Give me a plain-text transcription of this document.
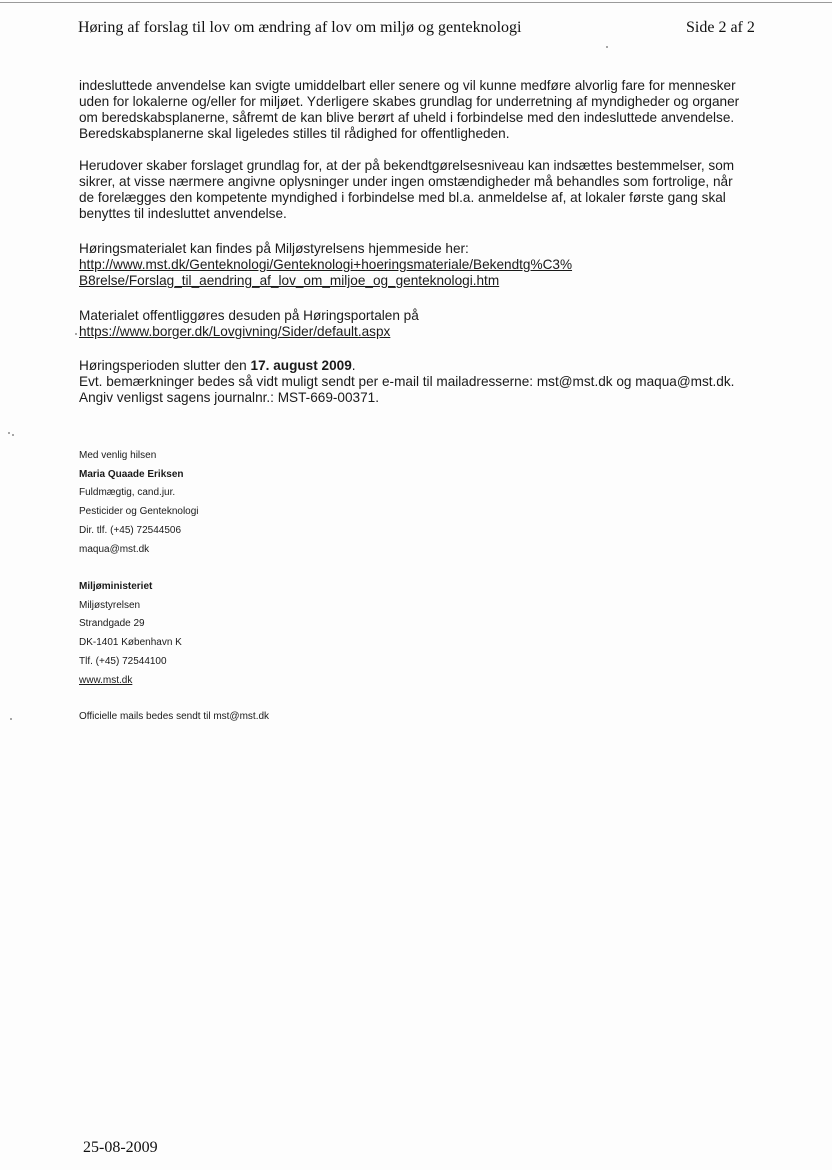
Høring af forslag til lov om ændring af lov om miljø og genteknologi	Side 2 af 2
indesluttede anvendelse kan svigte umiddelbart eller senere og vil kunne medføre alvorlig fare for mennesker
uden for lokalerne og/eller for miljøet. Yderligere skabes grundlag for underretning af myndigheder og organer
om beredskabsplanerne, såfremt de kan blive berørt af uheld i forbindelse med den indesluttede anvendelse.
Beredskabsplanerne skal ligeledes stilles til rådighed for offentligheden.
Herudover skaber forslaget grundlag for, at der på bekendtgørelsesniveau kan indsættes bestemmelser, som
sikrer, at visse nærmere angivne oplysninger under ingen omstændigheder må behandles som fortrolige, når
de forelægges den kompetente myndighed i forbindelse med bl.a. anmeldelse af, at lokaler første gang skal
benyttes til indesluttet anvendelse.
Høringsmaterialet kan findes på Miljøstyrelsens hjemmeside her:
http://www.mst.dk/Genteknologi/Genteknologi+hoeringsmateriale/Bekendtg%C3%
B8relse/Forslag_til_aendring_af_lov_om_miljoe_og_genteknologi.htm
Materialet offentliggøres desuden på Høringsportalen på
https://www.borger.dk/Lovgivning/Sider/default.aspx
Høringsperioden slutter den 17. august 2009.
Evt. bemærkninger bedes så vidt muligt sendt per e-mail til mailadresserne: mst@mst.dk og maqua@mst.dk.
Angiv venligst sagens journalnr.: MST-669-00371.
Med venlig hilsen
Maria Quaade Eriksen
Fuldmægtig, cand.jur.
Pesticider og Genteknologi
Dir. tlf. (+45) 72544506
maqua@mst.dk
Miljøministeriet
Miljøstyrelsen
Strandgade 29
DK-1401 København K
Tlf. (+45) 72544100
www.mst.dk
Officielle mails bedes sendt til mst@mst.dk
25-08-2009
